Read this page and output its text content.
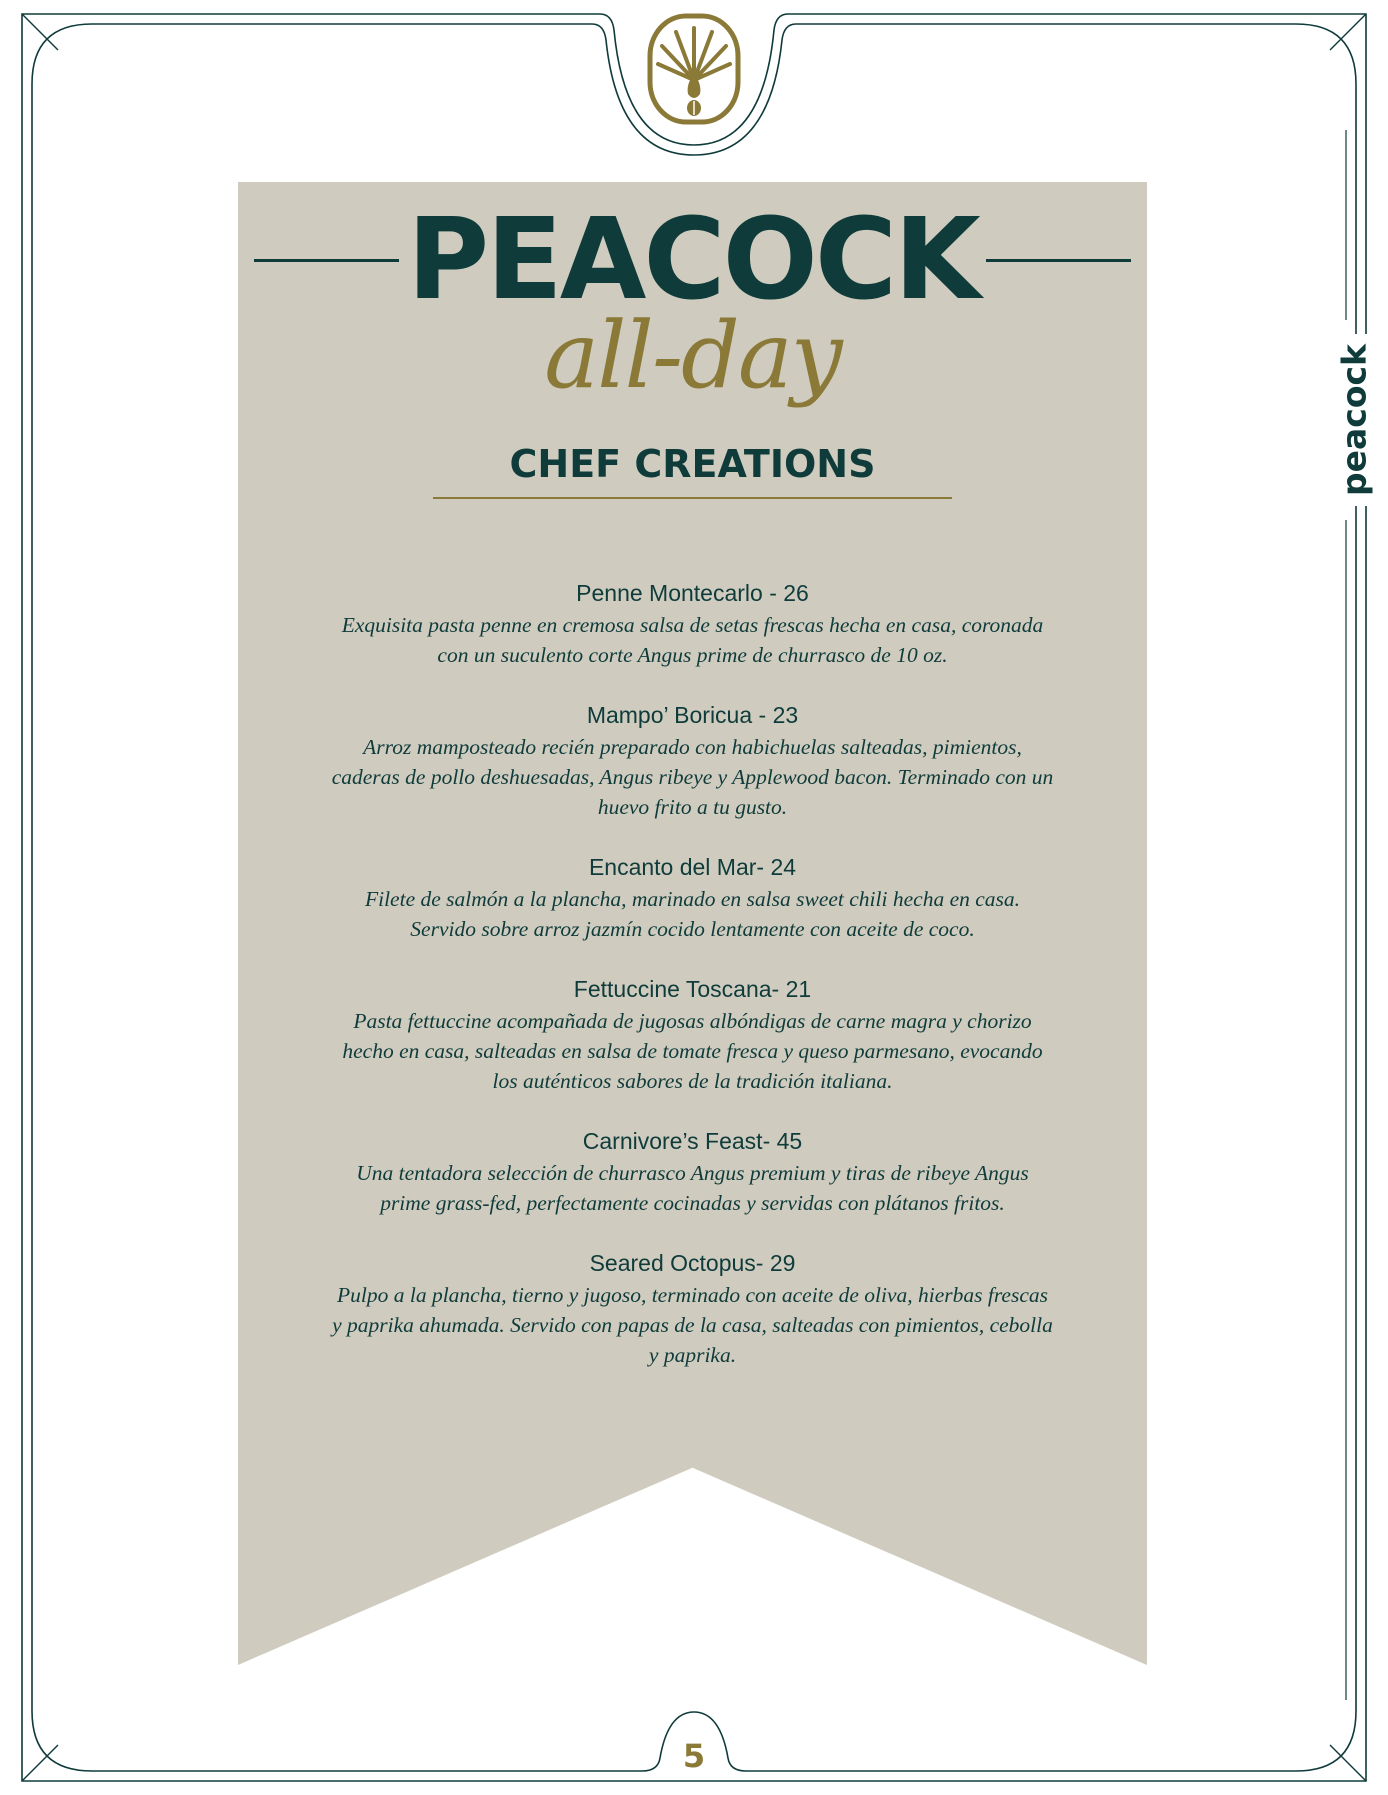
PEACOCK
all-day
CHEF CREATIONS
Penne Montecarlo - 26
Exquisita pasta penne en cremosa salsa de setas frescas hecha en casa, coronada con un suculento corte Angus prime de churrasco de 10 oz.
Mampo’ Boricua - 23
Arroz mamposteado recién preparado con habichuelas salteadas, pimientos, caderas de pollo deshuesadas, Angus ribeye y Applewood bacon. Terminado con un huevo frito a tu gusto.
Encanto del Mar- 24
Filete de salmón a la plancha, marinado en salsa sweet chili hecha en casa. Servido sobre arroz jazmín cocido lentamente con aceite de coco.
Fettuccine Toscana- 21
Pasta fettuccine acompañada de jugosas albóndigas de carne magra y chorizo hecho en casa, salteadas en salsa de tomate fresca y queso parmesano, evocando los auténticos sabores de la tradición italiana.
Carnivore’s Feast- 45
Una tentadora selección de churrasco Angus premium y tiras de ribeye Angus prime grass-fed, perfectamente cocinadas y servidas con plátanos fritos.
Seared Octopus- 29
Pulpo a la plancha, tierno y jugoso, terminado con aceite de oliva, hierbas frescas y paprika ahumada. Servido con papas de la casa, salteadas con pimientos, cebolla y paprika.
peacock
5
